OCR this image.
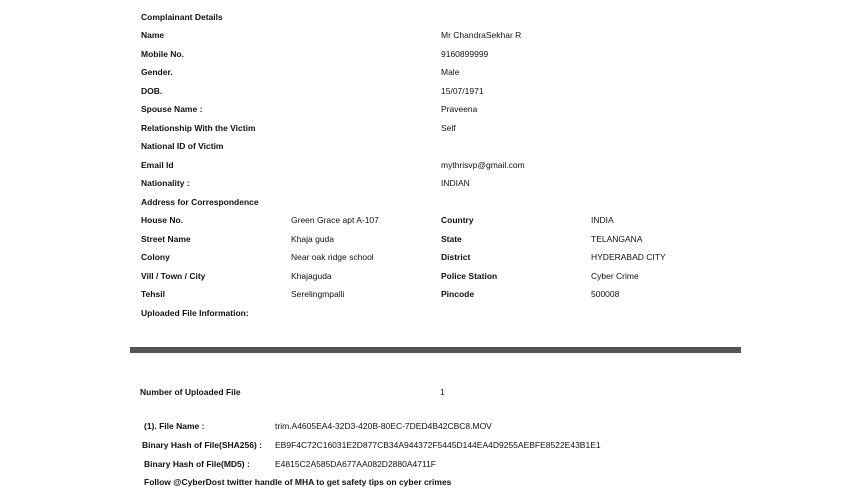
Complainant Details
Name	Mr ChandraSekhar R
Mobile No.	9160899999
Gender.	Male
DOB.	15/07/1971
Spouse Name :	Praveena
Relationship With the Victim	Self
National ID of Victim
Email Id	mythrisvp@gmail.com
Nationality :	INDIAN
Address for Correspondence
House No.	Green Grace apt A-107	Country	INDIA
Street Name	Khaja guda	State	TELANGANA
Colony	Near oak ridge school	District	HYDERABAD CITY
Vill / Town / City	Khajaguda	Police Station	Cyber Crime
Tehsil	Serelingmpalli	Pincode	500008
Uploaded File Information:
Number of Uploaded File	1
(1). File Name :	trim.A4605EA4-32D3-420B-80EC-7DED4B42CBC8.MOV
Binary Hash of File(SHA256) : EB9F4C72C16031E2D877CB34A944372F5445D144EA4D9255AEBFE8522E43B1E1
Binary Hash of File(MD5) :	E4815C2A585DA677AA082D2880A4711F
Follow @CyberDost twitter handle of MHA to get safety tips on cyber crimes
